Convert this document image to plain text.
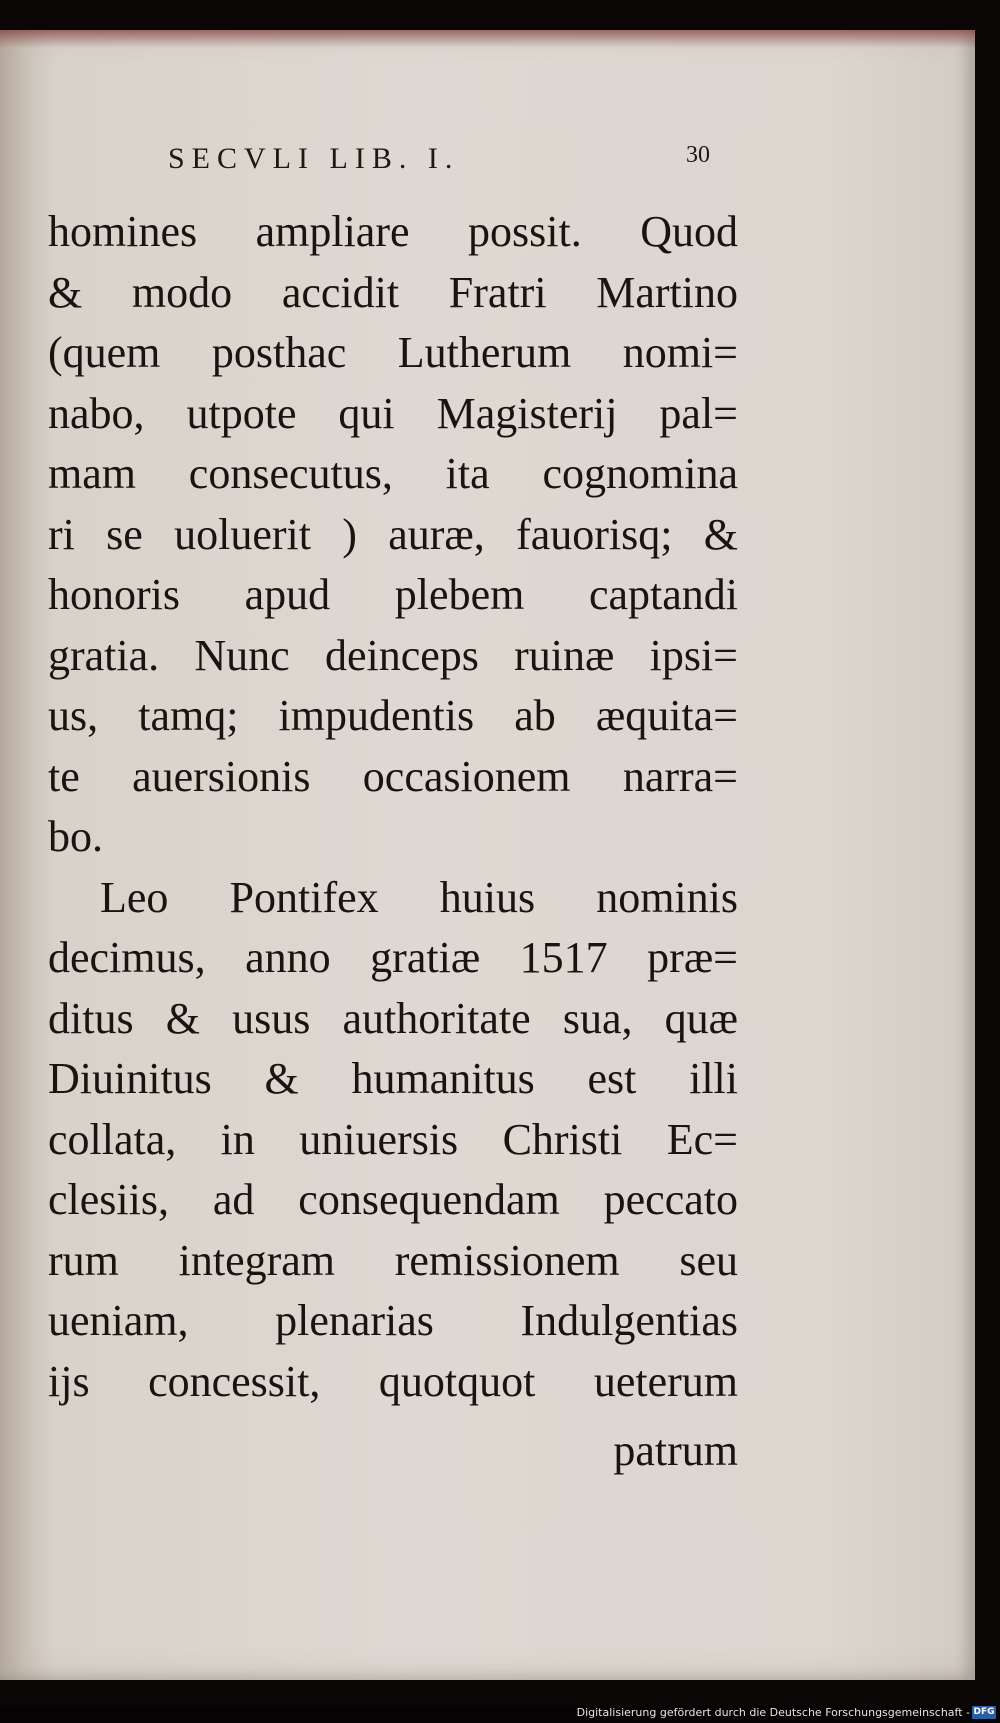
SECVLI LIB. I.	30
homines ampliare possit. Quod
& modo accidit Fratri Martino
(quem posthac Lutherum nomi=
nabo, utpote qui Magisterij pal=
mam consecutus, ita cognomina
ri se uoluerit ) auræ, fauorisq; &
honoris apud plebem captandi
gratia. Nunc deinceps ruinæ ipsi=
us, tamq; impudentis ab æquita=
te auersionis occasionem narra=
bo.
Leo Pontifex huius nominis
decimus, anno gratiæ 1517 præ=
ditus & usus authoritate sua, quæ
Diuinitus & humanitus est illi
collata, in uniuersis Christi Ec=
clesiis, ad consequendam peccato
rum integram remissionem seu
ueniam, plenarias Indulgentias
ijs concessit, quotquot ueterum
patrum
Digitalisierung gefördert durch die Deutsche Forschungsgemeinschaft - DFG
